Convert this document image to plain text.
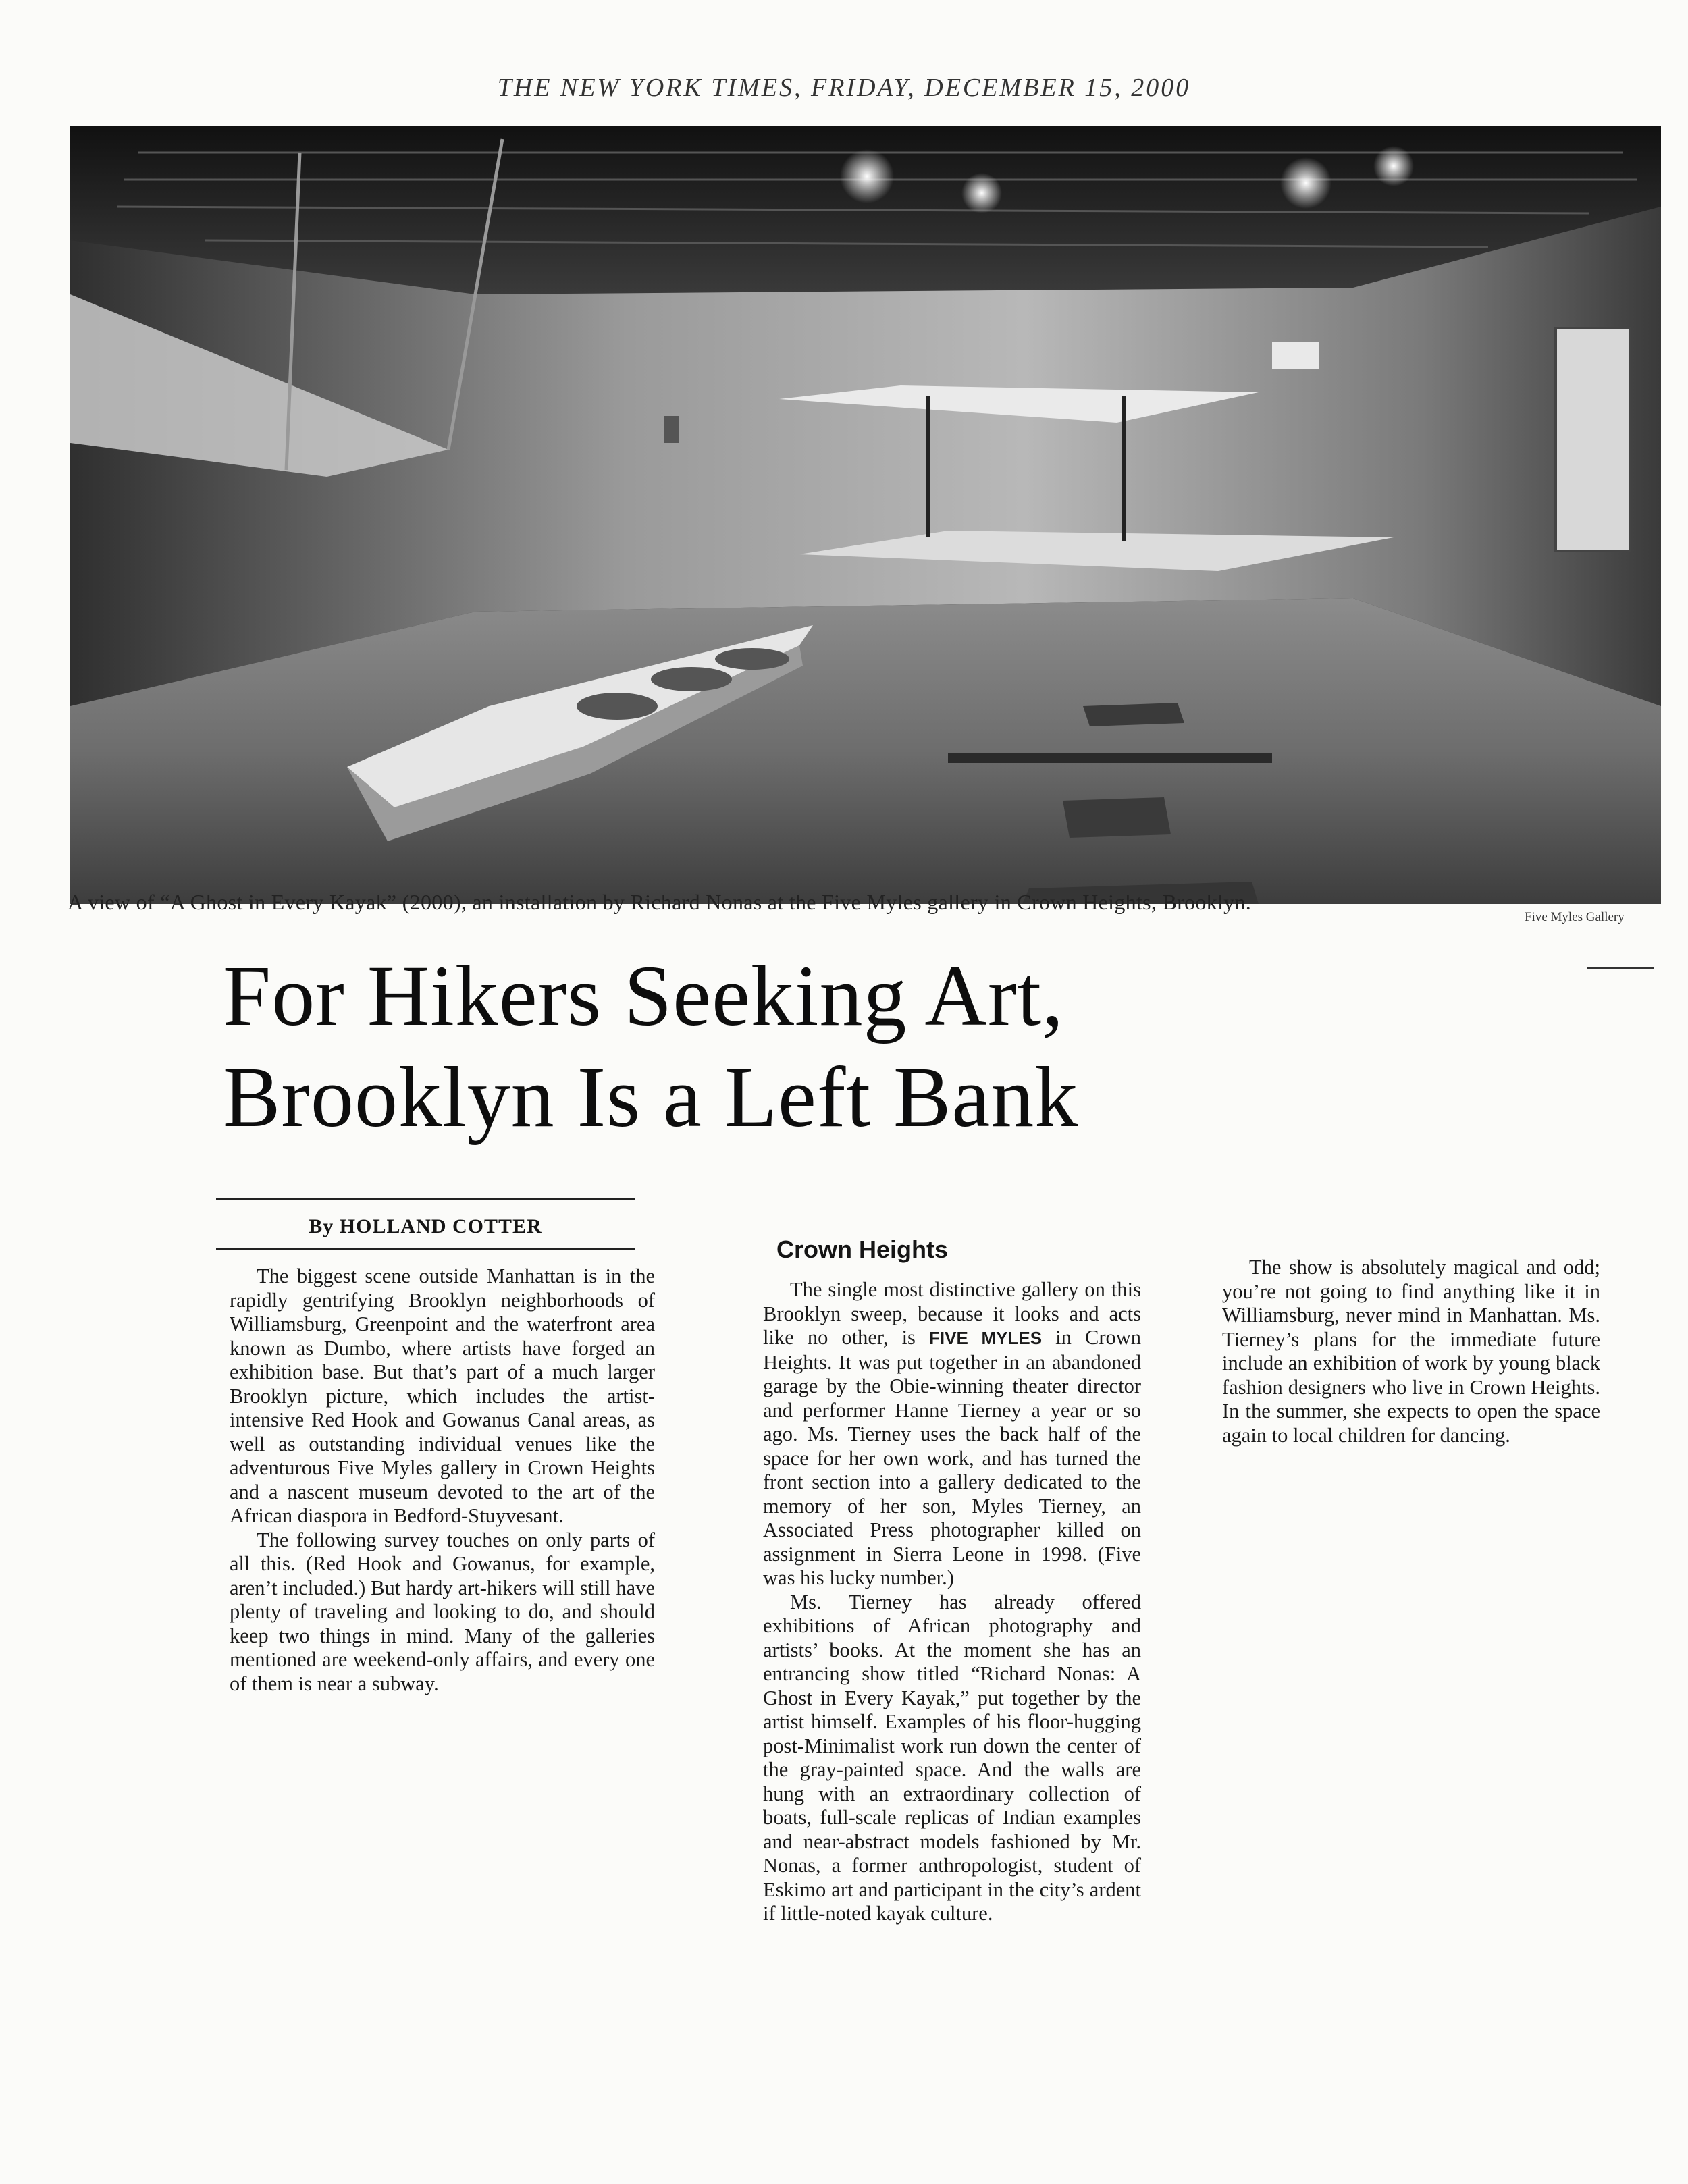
THE NEW YORK TIMES, FRIDAY, DECEMBER 15, 2000
A view of “A Ghost in Every Kayak” (2000), an installation by Richard Nonas at the Five Myles gallery in Crown Heights, Brooklyn.
Five Myles Gallery
For Hikers Seeking Art,
Brooklyn Is a Left Bank
By HOLLAND COTTER

The biggest scene outside Manhattan is in the rapidly gentrifying Brooklyn neighborhoods of Williamsburg, Greenpoint and the waterfront area known as Dumbo, where artists have forged an exhibition base. But that’s part of a much larger Brooklyn picture, which includes the artist-intensive Red Hook and Gowanus Canal areas, as well as outstanding individual venues like the adventurous Five Myles gallery in Crown Heights and a nascent museum devoted to the art of the African diaspora in Bedford-Stuyvesant.

The following survey touches on only parts of all this. (Red Hook and Gowanus, for example, aren’t included.) But hardy art-hikers will still have plenty of traveling and looking to do, and should keep two things in mind. Many of the galleries mentioned are weekend-only affairs, and every one of them is near a subway.

Crown Heights

The single most distinctive gallery on this Brooklyn sweep, because it looks and acts like no other, is FIVE MYLES in Crown Heights. It was put together in an abandoned garage by the Obie-winning theater director and performer Hanne Tierney a year or so ago. Ms. Tierney uses the back half of the space for her own work, and has turned the front section into a gallery dedicated to the memory of her son, Myles Tierney, an Associated Press photographer killed on assignment in Sierra Leone in 1998. (Five was his lucky number.)

Ms. Tierney has already offered exhibitions of African photography and artists’ books. At the moment she has an entrancing show titled “Richard Nonas: A Ghost in Every Kayak,” put together by the artist himself. Examples of his floor-hugging post-Minimalist work run down the center of the gray-painted space. And the walls are hung with an extraordinary collection of boats, full-scale replicas of Indian examples and near-abstract models fashioned by Mr. Nonas, a former anthropologist, student of Eskimo art and participant in the city’s ardent if little-noted kayak culture.

The show is absolutely magical and odd; you’re not going to find anything like it in Williamsburg, never mind in Manhattan. Ms. Tierney’s plans for the immediate future include an exhibition of work by young black fashion designers who live in Crown Heights. In the summer, she expects to open the space again to local children for dancing.
